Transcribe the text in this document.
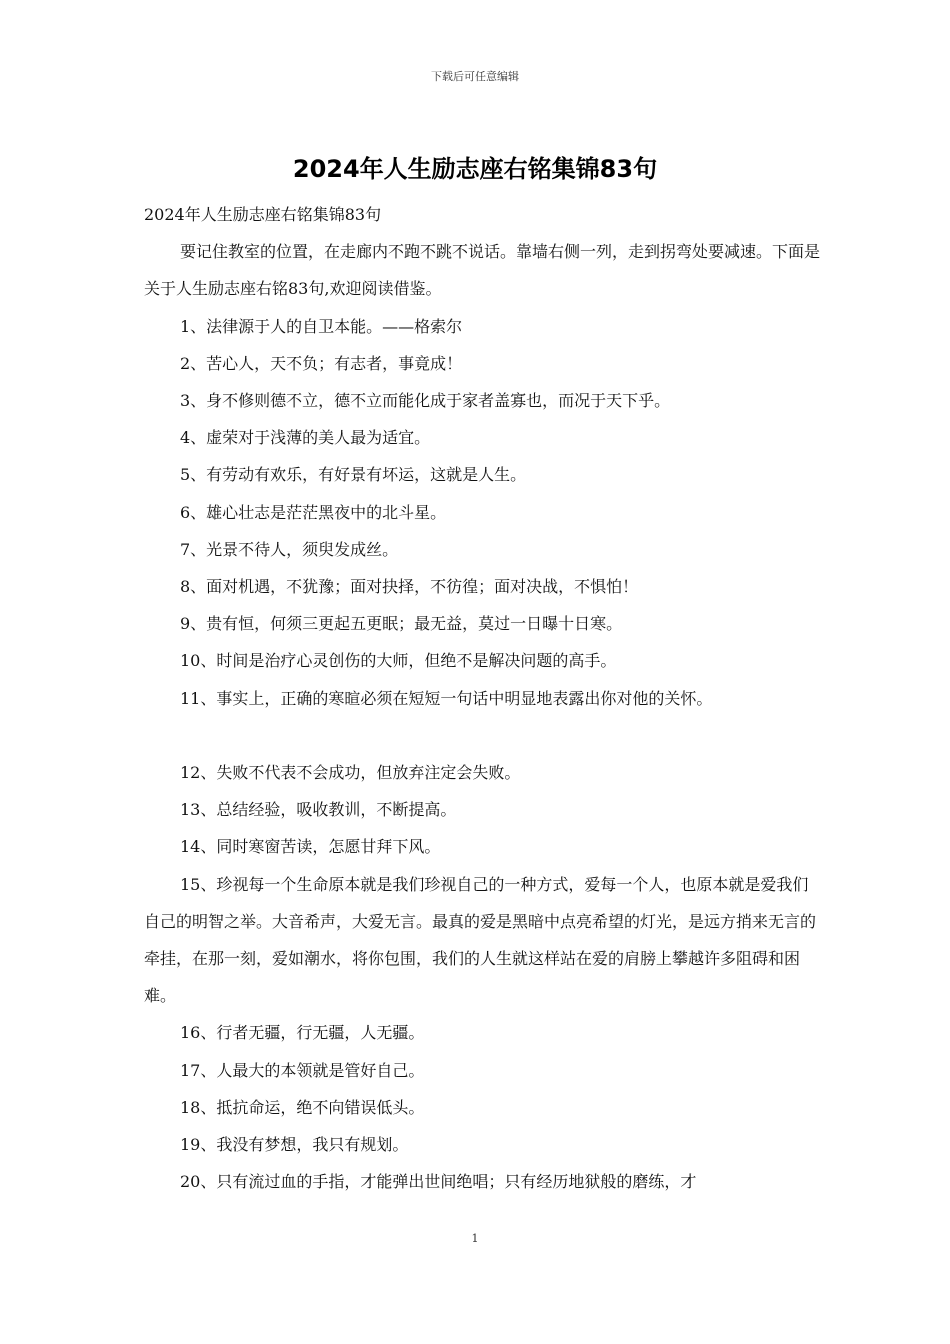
下载后可任意编辑
2024年人生励志座右铭集锦83句

2024年人生励志座右铭集锦83句

要记住教室的位置，在走廊内不跑不跳不说话。靠墙右侧一列，走到拐弯处要减速。下面是关于人生励志座右铭83句,欢迎阅读借鉴。

1、法律源于人的自卫本能。——格索尔

2、苦心人，天不负；有志者，事竟成！

3、身不修则德不立，德不立而能化成于家者盖寡也，而况于天下乎。

4、虚荣对于浅薄的美人最为适宜。

5、有劳动有欢乐，有好景有坏运，这就是人生。

6、雄心壮志是茫茫黑夜中的北斗星。

7、光景不待人，须臾发成丝。

8、面对机遇，不犹豫；面对抉择，不彷徨；面对决战，不惧怕！

9、贵有恒，何须三更起五更眠；最无益，莫过一日曝十日寒。

10、时间是治疗心灵创伤的大师，但绝不是解决问题的高手。

11、事实上，正确的寒暄必须在短短一句话中明显地表露出你对他的关怀。

12、失败不代表不会成功，但放弃注定会失败。

13、总结经验，吸收教训，不断提高。

14、同时寒窗苦读，怎愿甘拜下风。

15、珍视每一个生命原本就是我们珍视自己的一种方式，爱每一个人，也原本就是爱我们自己的明智之举。大音希声，大爱无言。最真的爱是黑暗中点亮希望的灯光，是远方捎来无言的牵挂，在那一刻，爱如潮水，将你包围，我们的人生就这样站在爱的肩膀上攀越许多阻碍和困难。

16、行者无疆，行无疆，人无疆。

17、人最大的本领就是管好自己。

18、抵抗命运，绝不向错误低头。

19、我没有梦想，我只有规划。

20、只有流过血的手指，才能弹出世间绝唱；只有经历地狱般的磨练，才

1
